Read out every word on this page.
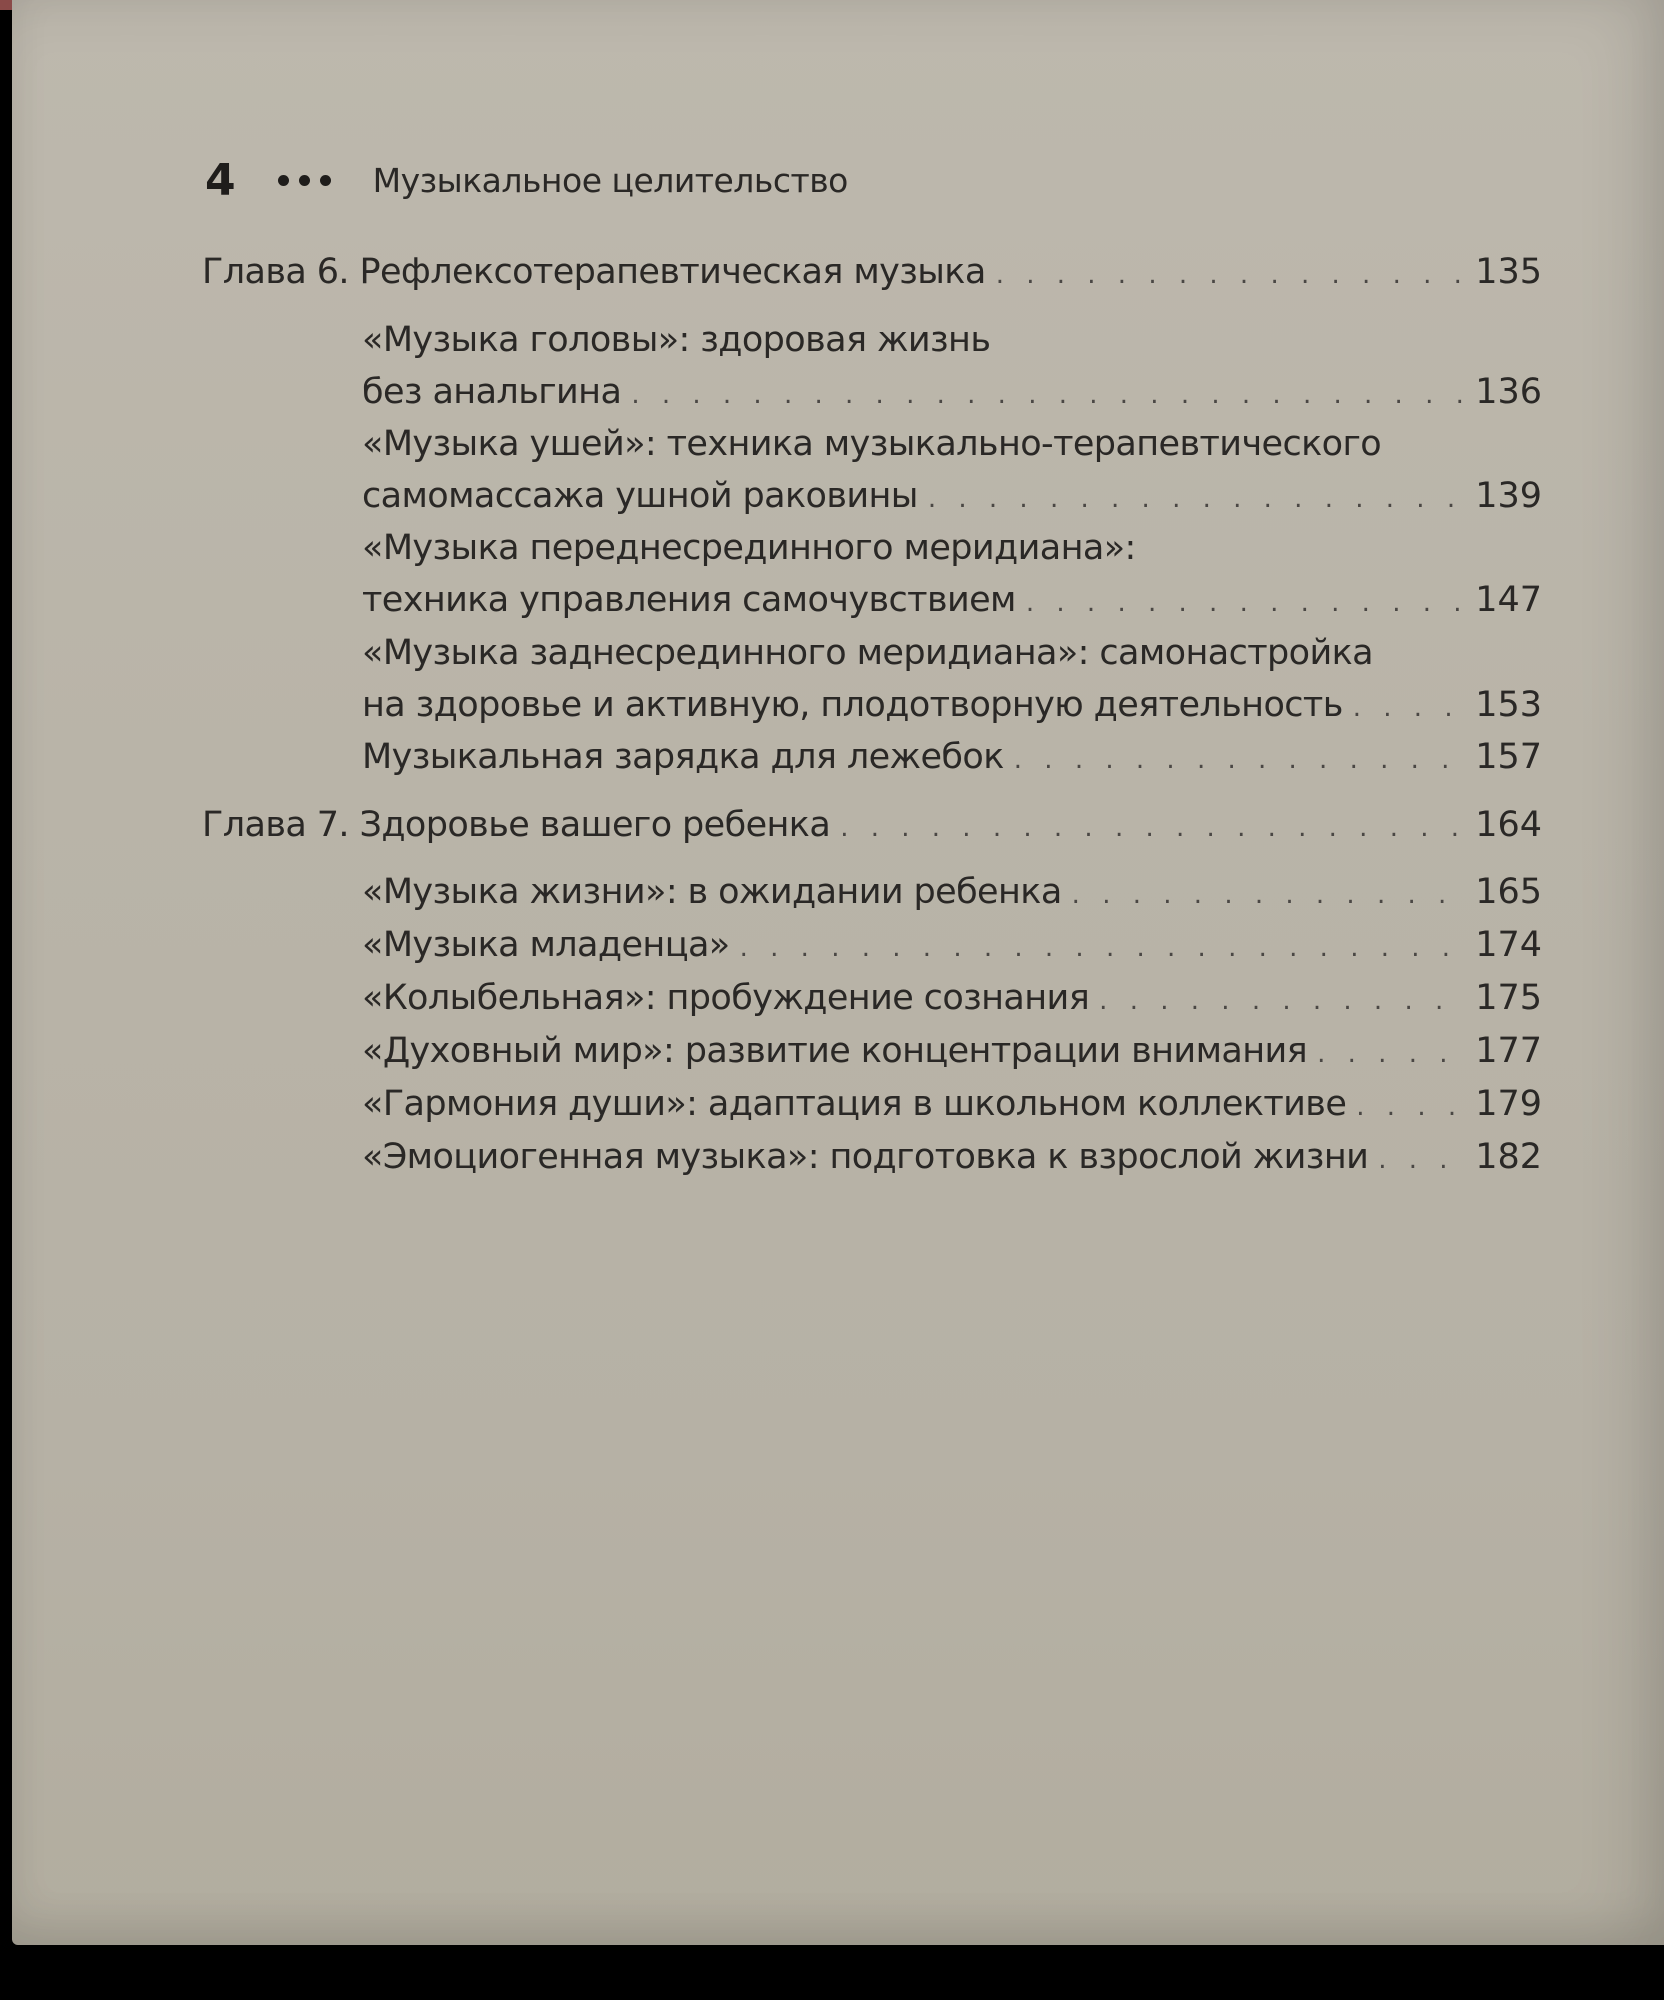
4	Музыкальное целительство
Глава 6. Рефлексотерапевтическая музыка . . .	135
«Музыка головы»: здоровая жизнь
без анальгина . . .	136
«Музыка ушей»: техника музыкально-терапевтического
самомассажа ушной раковины . . .	139
«Музыка переднесрединного меридиана»:
техника управления самочувствием . . .	147
«Музыка заднесрединного меридиана»: самонастройка
на здоровье и активную, плодотворную деятельность . . .	153
Музыкальная зарядка для лежебок . . .	157
Глава 7. Здоровье вашего ребенка . . .	164
«Музыка жизни»: в ожидании ребенка . . .	165
«Музыка младенца» . . .	174
«Колыбельная»: пробуждение сознания . . .	175
«Духовный мир»: развитие концентрации внимания . . .	177
«Гармония души»: адаптация в школьном коллективе . . .	179
«Эмоциогенная музыка»: подготовка к взрослой жизни . . .	182
